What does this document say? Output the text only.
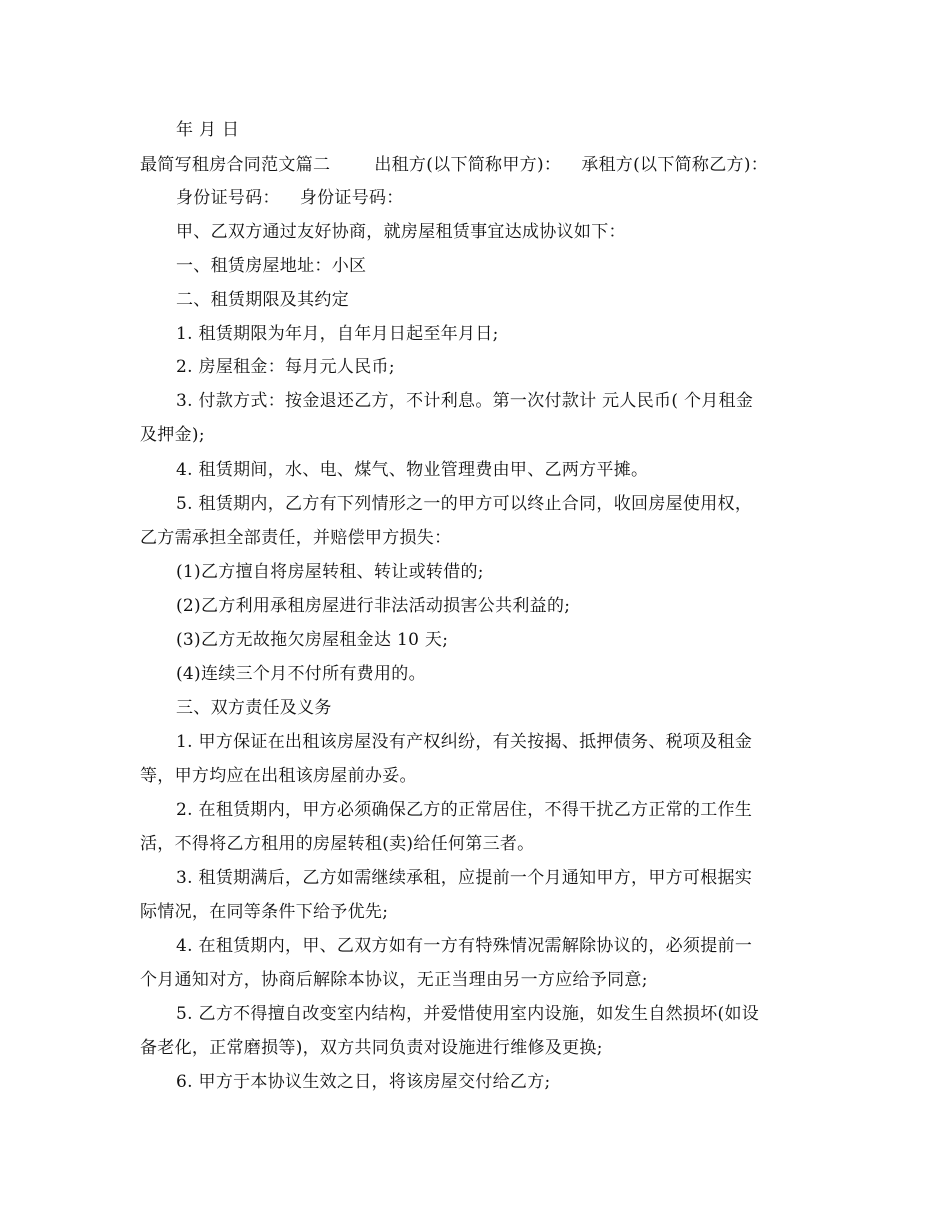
年 月 日
最简写租房合同范文篇二	出租方(以下简称甲方)： 承租方(以下简称乙方)：
身份证号码： 身份证号码：
甲、乙双方通过友好协商，就房屋租赁事宜达成协议如下：
一、租赁房屋地址：小区
二、租赁期限及其约定
1. 租赁期限为年月，自年月日起至年月日;
2. 房屋租金：每月元人民币;
3. 付款方式：按金退还乙方，不计利息。第一次付款计 元人民币( 个月租金
及押金);
4. 租赁期间，水、电、煤气、物业管理费由甲、乙两方平摊。
5. 租赁期内，乙方有下列情形之一的甲方可以终止合同，收回房屋使用权，
乙方需承担全部责任，并赔偿甲方损失：
(1)乙方擅自将房屋转租、转让或转借的;
(2)乙方利用承租房屋进行非法活动损害公共利益的;
(3)乙方无故拖欠房屋租金达 10 天;
(4)连续三个月不付所有费用的。
三、双方责任及义务
1. 甲方保证在出租该房屋没有产权纠纷，有关按揭、抵押债务、税项及租金
等，甲方均应在出租该房屋前办妥。
2. 在租赁期内，甲方必须确保乙方的正常居住，不得干扰乙方正常的工作生
活，不得将乙方租用的房屋转租(卖)给任何第三者。
3. 租赁期满后，乙方如需继续承租，应提前一个月通知甲方，甲方可根据实
际情况，在同等条件下给予优先;
4. 在租赁期内，甲、乙双方如有一方有特殊情况需解除协议的，必须提前一
个月通知对方，协商后解除本协议，无正当理由另一方应给予同意;
5. 乙方不得擅自改变室内结构，并爱惜使用室内设施，如发生自然损坏(如设
备老化，正常磨损等)，双方共同负责对设施进行维修及更换;
6. 甲方于本协议生效之日，将该房屋交付给乙方;
